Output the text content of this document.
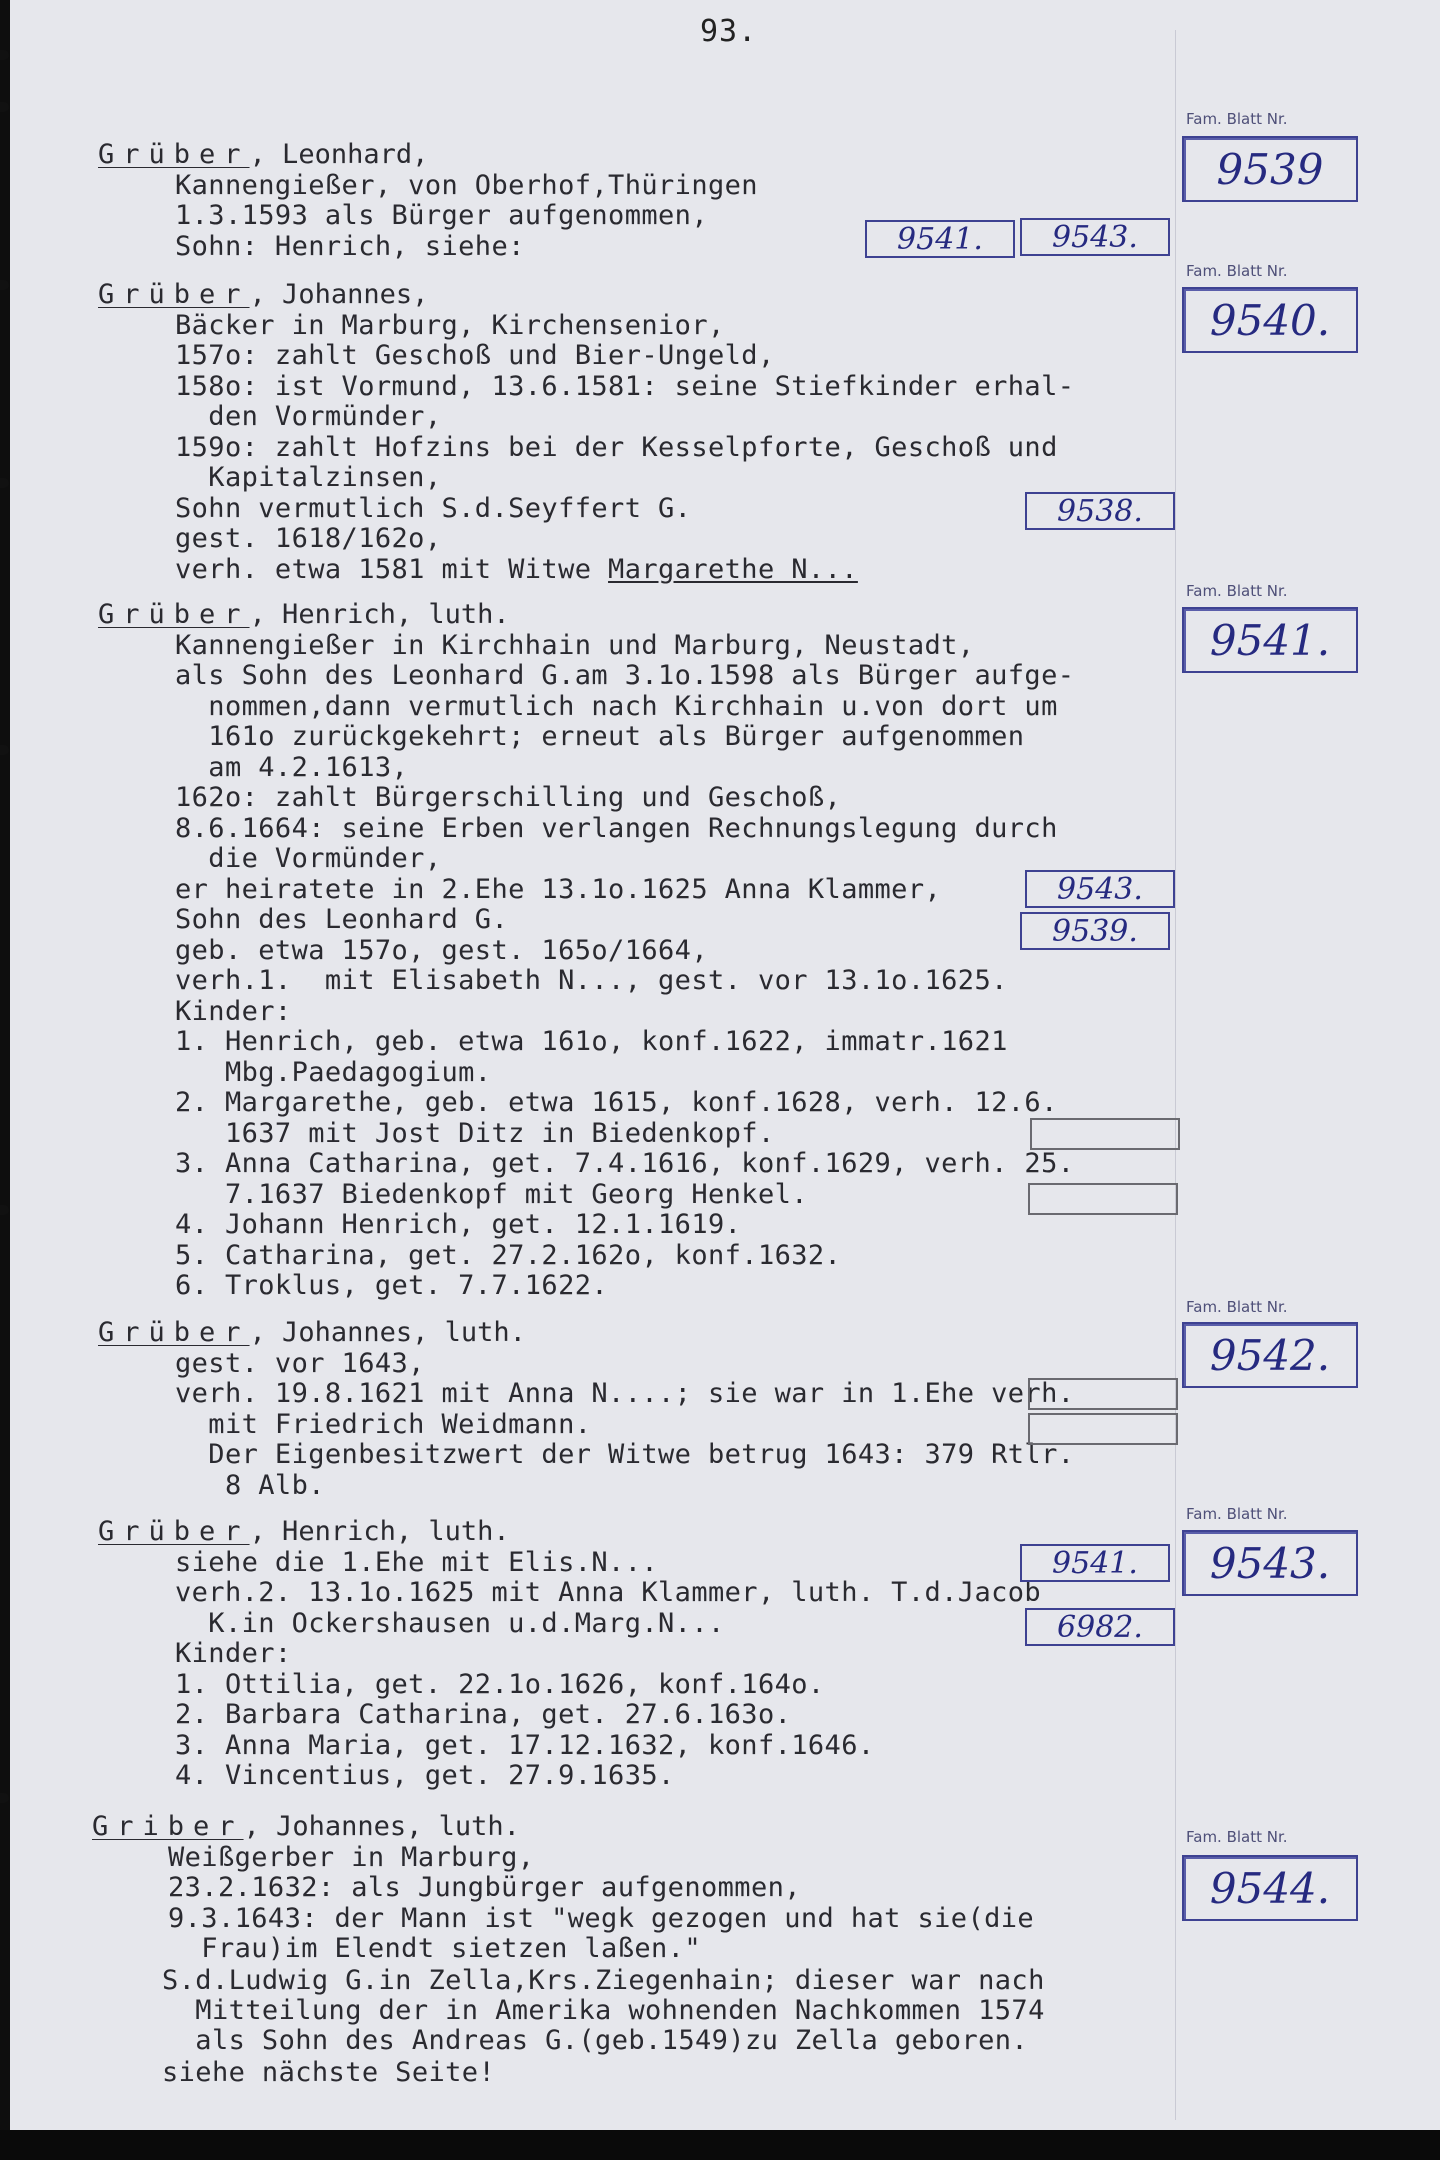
93.
Grüber, Leonhard,
Kannengießer, von Oberhof,Thüringen
1.3.1593 als Bürger aufgenommen,
Sohn: Henrich, siehe:
Fam. Blatt Nr.
9539
9541.	9543.
Grüber, Johannes,
Bäcker in Marburg, Kirchensenior,
157o: zahlt Geschoß und Bier-Ungeld,
158o: ist Vormund, 13.6.1581: seine Stiefkinder erhal-
den Vormünder,
159o: zahlt Hofzins bei der Kesselpforte, Geschoß und
Kapitalzinsen,
Sohn vermutlich S.d.Seyffert G.
gest. 1618/162o,
verh. etwa 1581 mit Witwe Margarethe N...
Fam. Blatt Nr.
9540.
9538.
Grüber, Henrich, luth.
Kannengießer in Kirchhain und Marburg, Neustadt,
als Sohn des Leonhard G.am 3.1o.1598 als Bürger aufge-
nommen,dann vermutlich nach Kirchhain u.von dort um
161o zurückgekehrt; erneut als Bürger aufgenommen
am 4.2.1613,
162o: zahlt Bürgerschilling und Geschoß,
8.6.1664: seine Erben verlangen Rechnungslegung durch
die Vormünder,
er heiratete in 2.Ehe 13.1o.1625 Anna Klammer,
Sohn des Leonhard G.
geb. etwa 157o, gest. 165o/1664,
verh.1.  mit Elisabeth N..., gest. vor 13.1o.1625.
Kinder:
1. Henrich, geb. etwa 161o, konf.1622, immatr.1621
Mbg.Paedagogium.
2. Margarethe, geb. etwa 1615, konf.1628, verh. 12.6.
1637 mit Jost Ditz in Biedenkopf.
3. Anna Catharina, get. 7.4.1616, konf.1629, verh. 25.
7.1637 Biedenkopf mit Georg Henkel.
4. Johann Henrich, get. 12.1.1619.
5. Catharina, get. 27.2.162o, konf.1632.
6. Troklus, get. 7.7.1622.
Fam. Blatt Nr.
9541.
9543.
9539.
Grüber, Johannes, luth.
gest. vor 1643,
verh. 19.8.1621 mit Anna N....; sie war in 1.Ehe verh.
mit Friedrich Weidmann.
Der Eigenbesitzwert der Witwe betrug 1643: 379 Rtlr.
8 Alb.
Fam. Blatt Nr.
9542.
Grüber, Henrich, luth.
siehe die 1.Ehe mit Elis.N...
verh.2. 13.1o.1625 mit Anna Klammer, luth. T.d.Jacob
K.in Ockershausen u.d.Marg.N...
Kinder:
1. Ottilia, get. 22.1o.1626, konf.164o.
2. Barbara Catharina, get. 27.6.163o.
3. Anna Maria, get. 17.12.1632, konf.1646.
4. Vincentius, get. 27.9.1635.
Fam. Blatt Nr.
9543.
9541.
6982.
Griber, Johannes, luth.
Weißgerber in Marburg,
23.2.1632: als Jungbürger aufgenommen,
9.3.1643: der Mann ist "wegk gezogen und hat sie(die
Frau)im Elendt sietzen laßen."
S.d.Ludwig G.in Zella,Krs.Ziegenhain; dieser war nach
Mitteilung der in Amerika wohnenden Nachkommen 1574
als Sohn des Andreas G.(geb.1549)zu Zella geboren.
siehe nächste Seite!
Fam. Blatt Nr.
9544.
